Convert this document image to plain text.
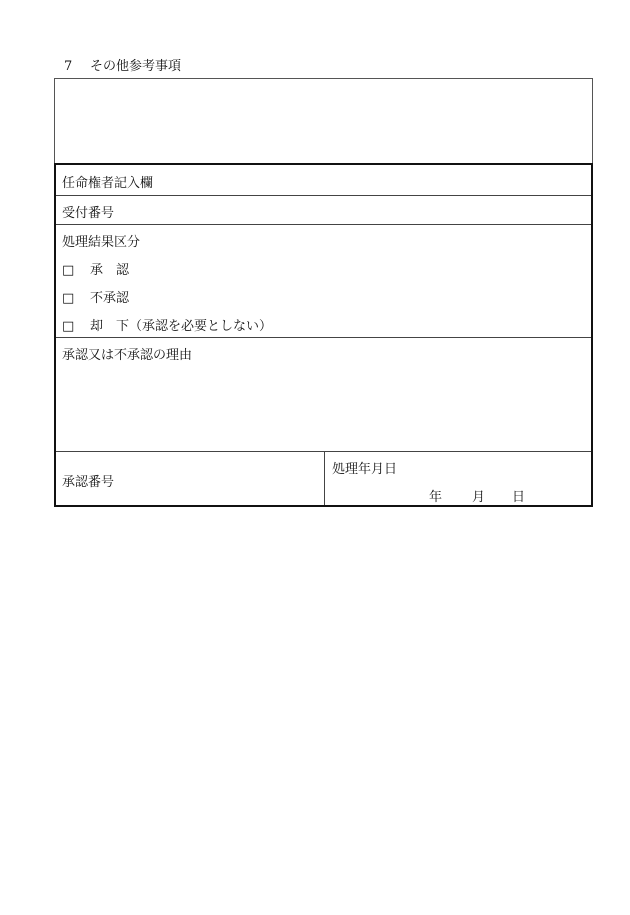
7 その他参考事項
任命権者記入欄
受付番号
処理結果区分
□ 承　認
□ 不承認
□ 却　下（承認を必要としない）
承認又は不承認の理由
承認番号
処理年月日
年 月 日
